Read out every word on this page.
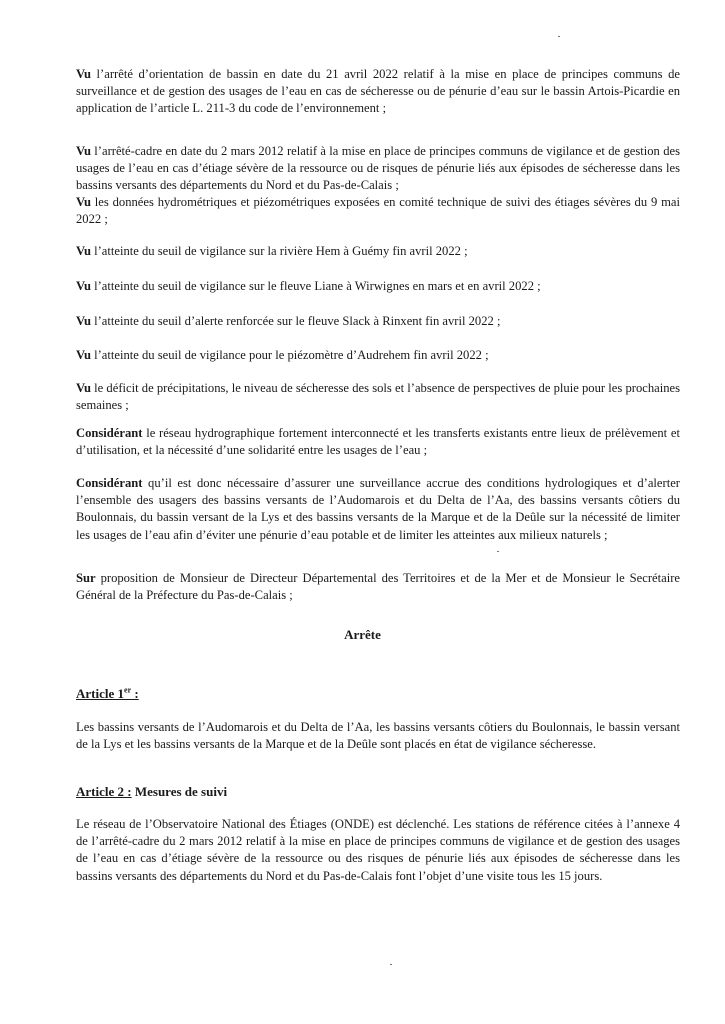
Vu l’arrêté d’orientation de bassin en date du 21 avril 2022 relatif à la mise en place de principes communs de surveillance et de gestion des usages de l’eau en cas de sécheresse ou de pénurie d’eau sur le bassin Artois-Picardie en application de l’article L. 211-3 du code de l’environnement ;

Vu l’arrêté-cadre en date du 2 mars 2012 relatif à la mise en place de principes communs de vigilance et de gestion des usages de l’eau en cas d’étiage sévère de la ressource ou de risques de pénurie liés aux épisodes de sécheresse dans les bassins versants des départements du Nord et du Pas-de-Calais ;

Vu les données hydrométriques et piézométriques exposées en comité technique de suivi des étiages sévères du 9 mai 2022 ;

Vu l’atteinte du seuil de vigilance sur la rivière Hem à Guémy fin avril 2022 ;

Vu l’atteinte du seuil de vigilance sur le fleuve Liane à Wirwignes en mars et en avril 2022 ;

Vu l’atteinte du seuil d’alerte renforcée sur le fleuve Slack à Rinxent fin avril 2022 ;

Vu l’atteinte du seuil de vigilance pour le piézomètre d’Audrehem fin avril 2022 ;

Vu le déficit de précipitations, le niveau de sécheresse des sols et l’absence de perspectives de pluie pour les prochaines semaines ;

Considérant le réseau hydrographique fortement interconnecté et les transferts existants entre lieux de prélèvement et d’utilisation, et la nécessité d’une solidarité entre les usages de l’eau ;

Considérant qu’il est donc nécessaire d’assurer une surveillance accrue des conditions hydrologiques et d’alerter l’ensemble des usagers des bassins versants de l’Audomarois et du Delta de l’Aa, des bassins versants côtiers du Boulonnais, du bassin versant de la Lys et des bassins versants de la Marque et de la Deûle sur la nécessité de limiter les usages de l’eau afin d’éviter une pénurie d’eau potable et de limiter les atteintes aux milieux naturels ;

Sur proposition de Monsieur de Directeur Départemental des Territoires et de la Mer et de Monsieur le Secrétaire Général de la Préfecture du Pas-de-Calais ;

Arrête

Article 1er :

Les bassins versants de l’Audomarois et du Delta de l’Aa, les bassins versants côtiers du Boulonnais, le bassin versant de la Lys et les bassins versants de la Marque et de la Deûle sont placés en état de vigilance sécheresse.

Article 2 : Mesures de suivi

Le réseau de l’Observatoire National des Étiages (ONDE) est déclenché. Les stations de référence citées à l’annexe 4 de l’arrêté-cadre du 2 mars 2012 relatif à la mise en place de principes communs de vigilance et de gestion des usages de l’eau en cas d’étiage sévère de la ressource ou des risques de pénurie liés aux épisodes de sécheresse dans les bassins versants des départements du Nord et du Pas-de-Calais font l’objet d’une visite tous les 15 jours.
